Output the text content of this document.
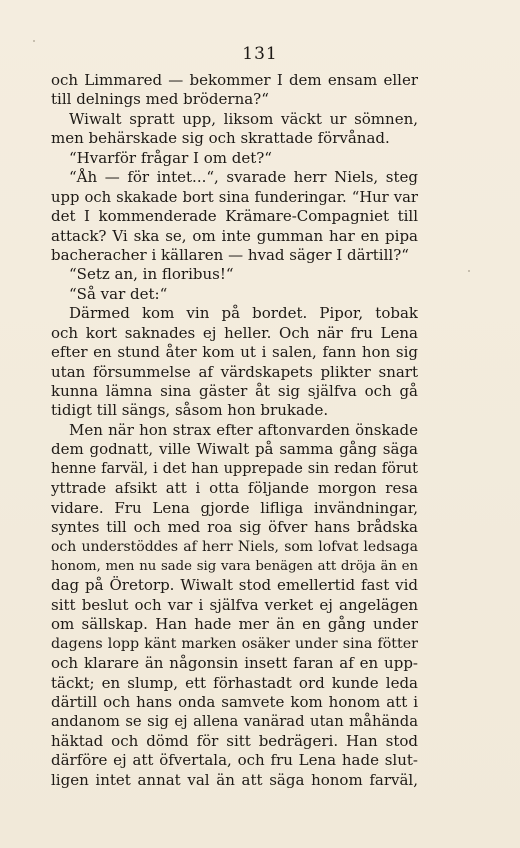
131
och Limmared — bekommer I dem ensam eller
till delnings med bröderna?“
Wiwalt spratt upp, liksom väckt ur sömnen,
men behärskade sig och skrattade förvånad.
“Hvarför frågar I om det?“
“Åh — för intet...“, svarade herr Niels, steg
upp och skakade bort sina funderingar. “Hur var
det I kommenderade Krämare-Compagniet till
attack? Vi ska se, om inte gumman har en pipa
bacheracher i källaren — hvad säger I därtill?“
“Setz an, in floribus!“
“Så var det:“
Därmed kom vin på bordet. Pipor, tobak
och kort saknades ej heller. Och när fru Lena
efter en stund åter kom ut i salen, fann hon sig
utan försummelse af värdskapets plikter snart
kunna lämna sina gäster åt sig själfva och gå
tidigt till sängs, såsom hon brukade.
Men när hon strax efter aftonvarden önskade
dem godnatt, ville Wiwalt på samma gång säga
henne farväl, i det han upprepade sin redan förut
yttrade afsikt att i otta följande morgon resa
vidare. Fru Lena gjorde lifliga invändningar,
syntes till och med roa sig öfver hans brådska
och understöddes af herr Niels, som lofvat ledsaga
honom, men nu sade sig vara benägen att dröja än en
dag på Öretorp. Wiwalt stod emellertid fast vid
sitt beslut och var i själfva verket ej angelägen
om sällskap. Han hade mer än en gång under
dagens lopp känt marken osäker under sina fötter
och klarare än någonsin insett faran af en upp-
täckt; en slump, ett förhastadt ord kunde leda
därtill och hans onda samvete kom honom att i
andanom se sig ej allena vanärad utan måhända
häktad och dömd för sitt bedrägeri. Han stod
därföre ej att öfvertala, och fru Lena hade slut-
ligen intet annat val än att säga honom farväl,
